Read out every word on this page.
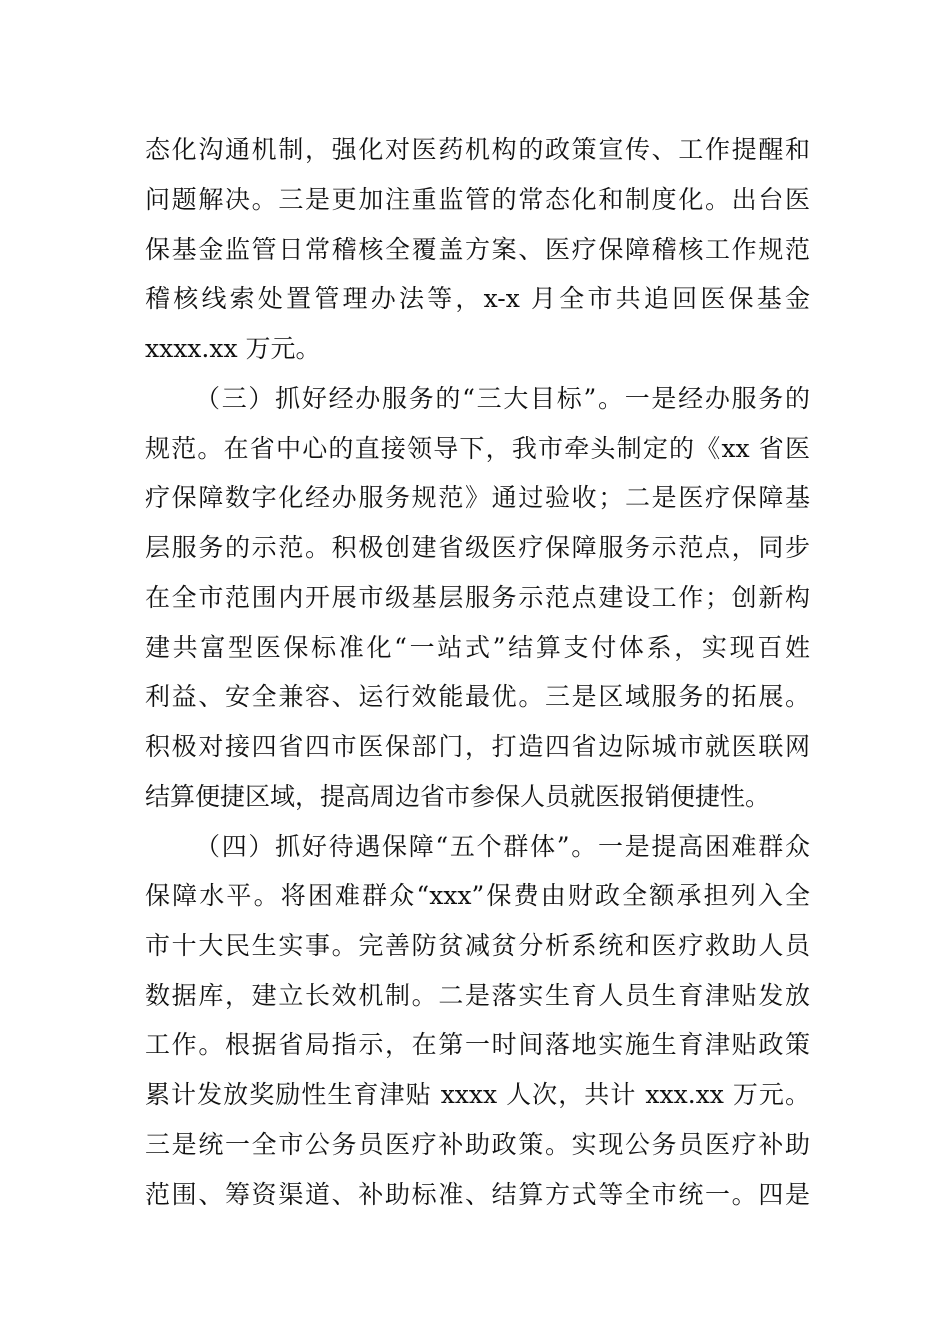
态化沟通机制，强化对医药机构的政策宣传、工作提醒和
问题解决。三是更加注重监管的常态化和制度化。出台医
保基金监管日常稽核全覆盖方案、医疗保障稽核工作规范
稽核线索处置管理办法等，x-x 月全市共追回医保基金
xxxx.xx 万元。
（三）抓好经办服务的“三大目标”。一是经办服务的
规范。在省中心的直接领导下，我市牵头制定的《xx 省医
疗保障数字化经办服务规范》通过验收；二是医疗保障基
层服务的示范。积极创建省级医疗保障服务示范点，同步
在全市范围内开展市级基层服务示范点建设工作；创新构
建共富型医保标准化“一站式”结算支付体系，实现百姓
利益、安全兼容、运行效能最优。三是区域服务的拓展。
积极对接四省四市医保部门，打造四省边际城市就医联网
结算便捷区域，提高周边省市参保人员就医报销便捷性。
（四）抓好待遇保障“五个群体”。一是提高困难群众
保障水平。将困难群众“xxx”保费由财政全额承担列入全
市十大民生实事。完善防贫减贫分析系统和医疗救助人员
数据库，建立长效机制。二是落实生育人员生育津贴发放
工作。根据省局指示，在第一时间落地实施生育津贴政策
累计发放奖励性生育津贴 xxxx 人次，共计 xxx.xx 万元。
三是统一全市公务员医疗补助政策。实现公务员医疗补助
范围、筹资渠道、补助标准、结算方式等全市统一。四是
